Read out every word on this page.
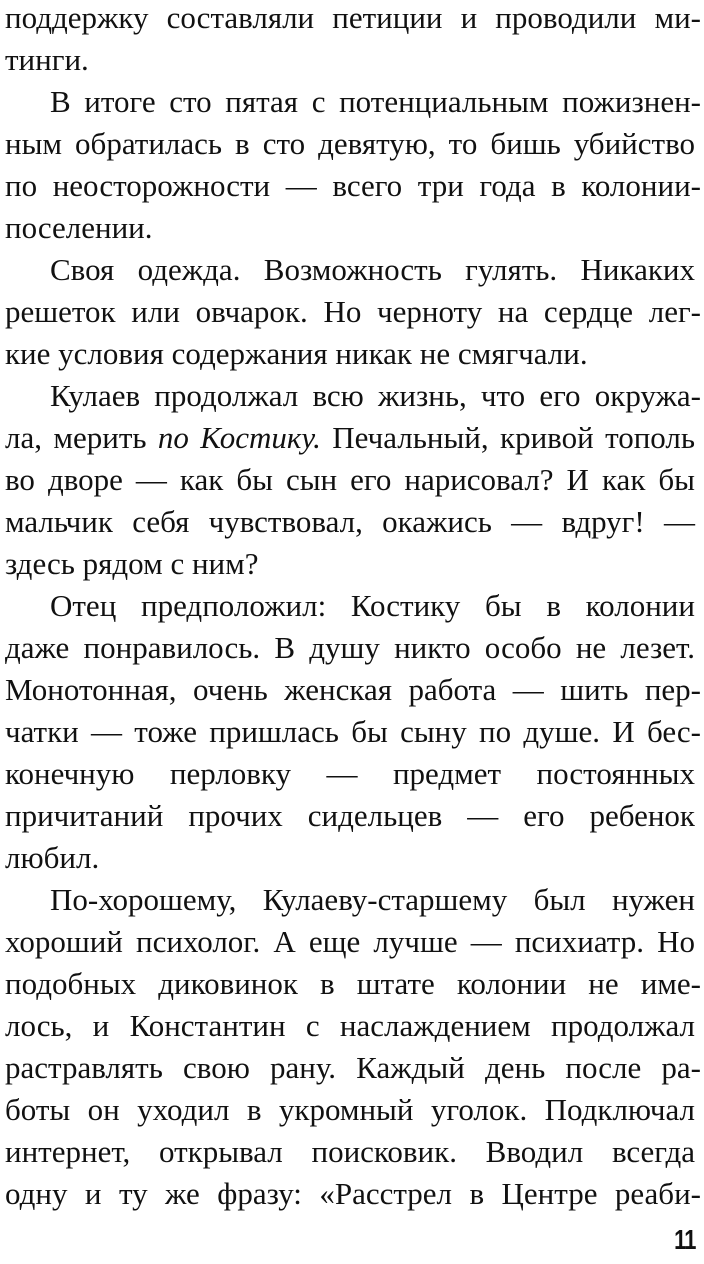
поддержку составляли петиции и проводили ми-
тинги.
В итоге сто пятая с потенциальным пожизнен-
ным обратилась в сто девятую, то бишь убийство
по неосторожности — всего три года в колонии-
поселении.
Своя одежда. Возможность гулять. Никаких
решеток или овчарок. Но черноту на сердце лег-
кие условия содержания никак не смягчали.
Кулаев продолжал всю жизнь, что его окружа-
ла, мерить по Костику. Печальный, кривой тополь
во дворе — как бы сын его нарисовал? И как бы
мальчик себя чувствовал, окажись — вдруг! —
здесь рядом с ним?
Отец предположил: Костику бы в колонии
даже понравилось. В душу никто особо не лезет.
Монотонная, очень женская работа — шить пер-
чатки — тоже пришлась бы сыну по душе. И бес-
конечную перловку — предмет постоянных
причитаний прочих сидельцев — его ребенок
любил.
По-хорошему, Кулаеву-старшему был нужен
хороший психолог. А еще лучше — психиатр. Но
подобных диковинок в штате колонии не име-
лось, и Константин с наслаждением продолжал
растравлять свою рану. Каждый день после ра-
боты он уходил в укромный уголок. Подключал
интернет, открывал поисковик. Вводил всегда
одну и ту же фразу: «Расстрел в Центре реаби-
11
